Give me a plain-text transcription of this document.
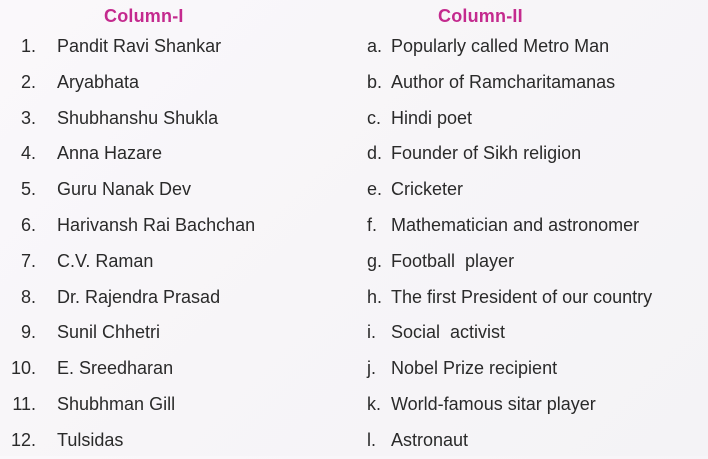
Column-I	Column-II
1. Pandit Ravi Shankar	a. Popularly called Metro Man
2. Aryabhata	b. Author of Ramcharitamanas
3. Shubhanshu Shukla	c. Hindi poet
4. Anna Hazare	d. Founder of Sikh religion
5. Guru Nanak Dev	e. Cricketer
6. Harivansh Rai Bachchan	f. Mathematician and astronomer
7. C.V. Raman	g. Football  player
8. Dr. Rajendra Prasad	h. The first President of our country
9. Sunil Chhetri	i. Social  activist
10. E. Sreedharan	j. Nobel Prize recipient
11. Shubhman Gill	k. World-famous sitar player
12. Tulsidas	l. Astronaut
